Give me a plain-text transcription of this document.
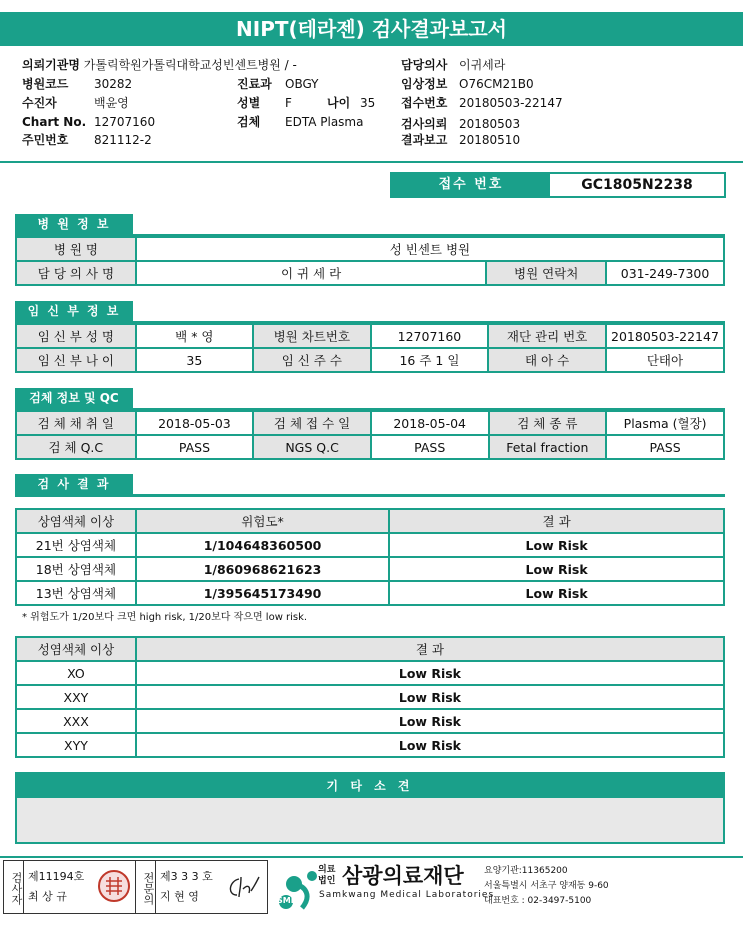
NIPT(테라젠) 검사결과보고서
의뢰기관명 가톨릭학원가톨릭대학교성빈센트병원 / -
병원코드 30282
수진자	백윤영
Chart No. 12707160
주민번호 821112-2
진료과 OBGY
성별 F	나이 35
검체 EDTA Plasma
담당의사 이귀세라
임상정보 O76CM21B0
접수번호 20180503-22147
검사의뢰 20180503
결과보고 20180510
접수 번호	GC1805N2238
병 원 정 보
병 원 명	성 빈센트 병원		
담 당 의 사 명	이 귀 세 라	병원 연락처	031-249-7300
임 신 부 정 보
임 신 부 성 명	백 * 영	병원 차트번호	12707160	재단 관리 번호	20180503-22147
임 신 부 나 이	35	임 신 주 수	16 주 1 일	태 아 수	단태아
검체 정보 및 QC
검 체 채 취 일	2018-05-03	검 체 접 수 일	2018-05-04	검 체 종 류	Plasma (혈장)
검 체 Q.C	PASS	NGS Q.C	PASS	Fetal fraction	PASS
검 사 결 과
상염색체 이상	위험도*	결 과
21번 상염색체	1/104648360500	Low Risk
18번 상염색체	1/860968621623	Low Risk
13번 상염색체	1/395645173490	Low Risk
* 위험도가 1/20보다 크면 high risk, 1/20보다 작으면 low risk.
성염색체 이상	결 과
XO	Low Risk
XXY	Low Risk
XXX	Low Risk
XYY	Low Risk
기 타 소 견
검사자 제11194호
최 상 규	전문의 제3 3 3 호
지 현 영	SML
의료
법인 삼광의료재단
Samkwang Medical Laboratories
요양기관:11365200
서울특별시 서초구 양재동 9-60
대표번호 : 02-3497-5100
